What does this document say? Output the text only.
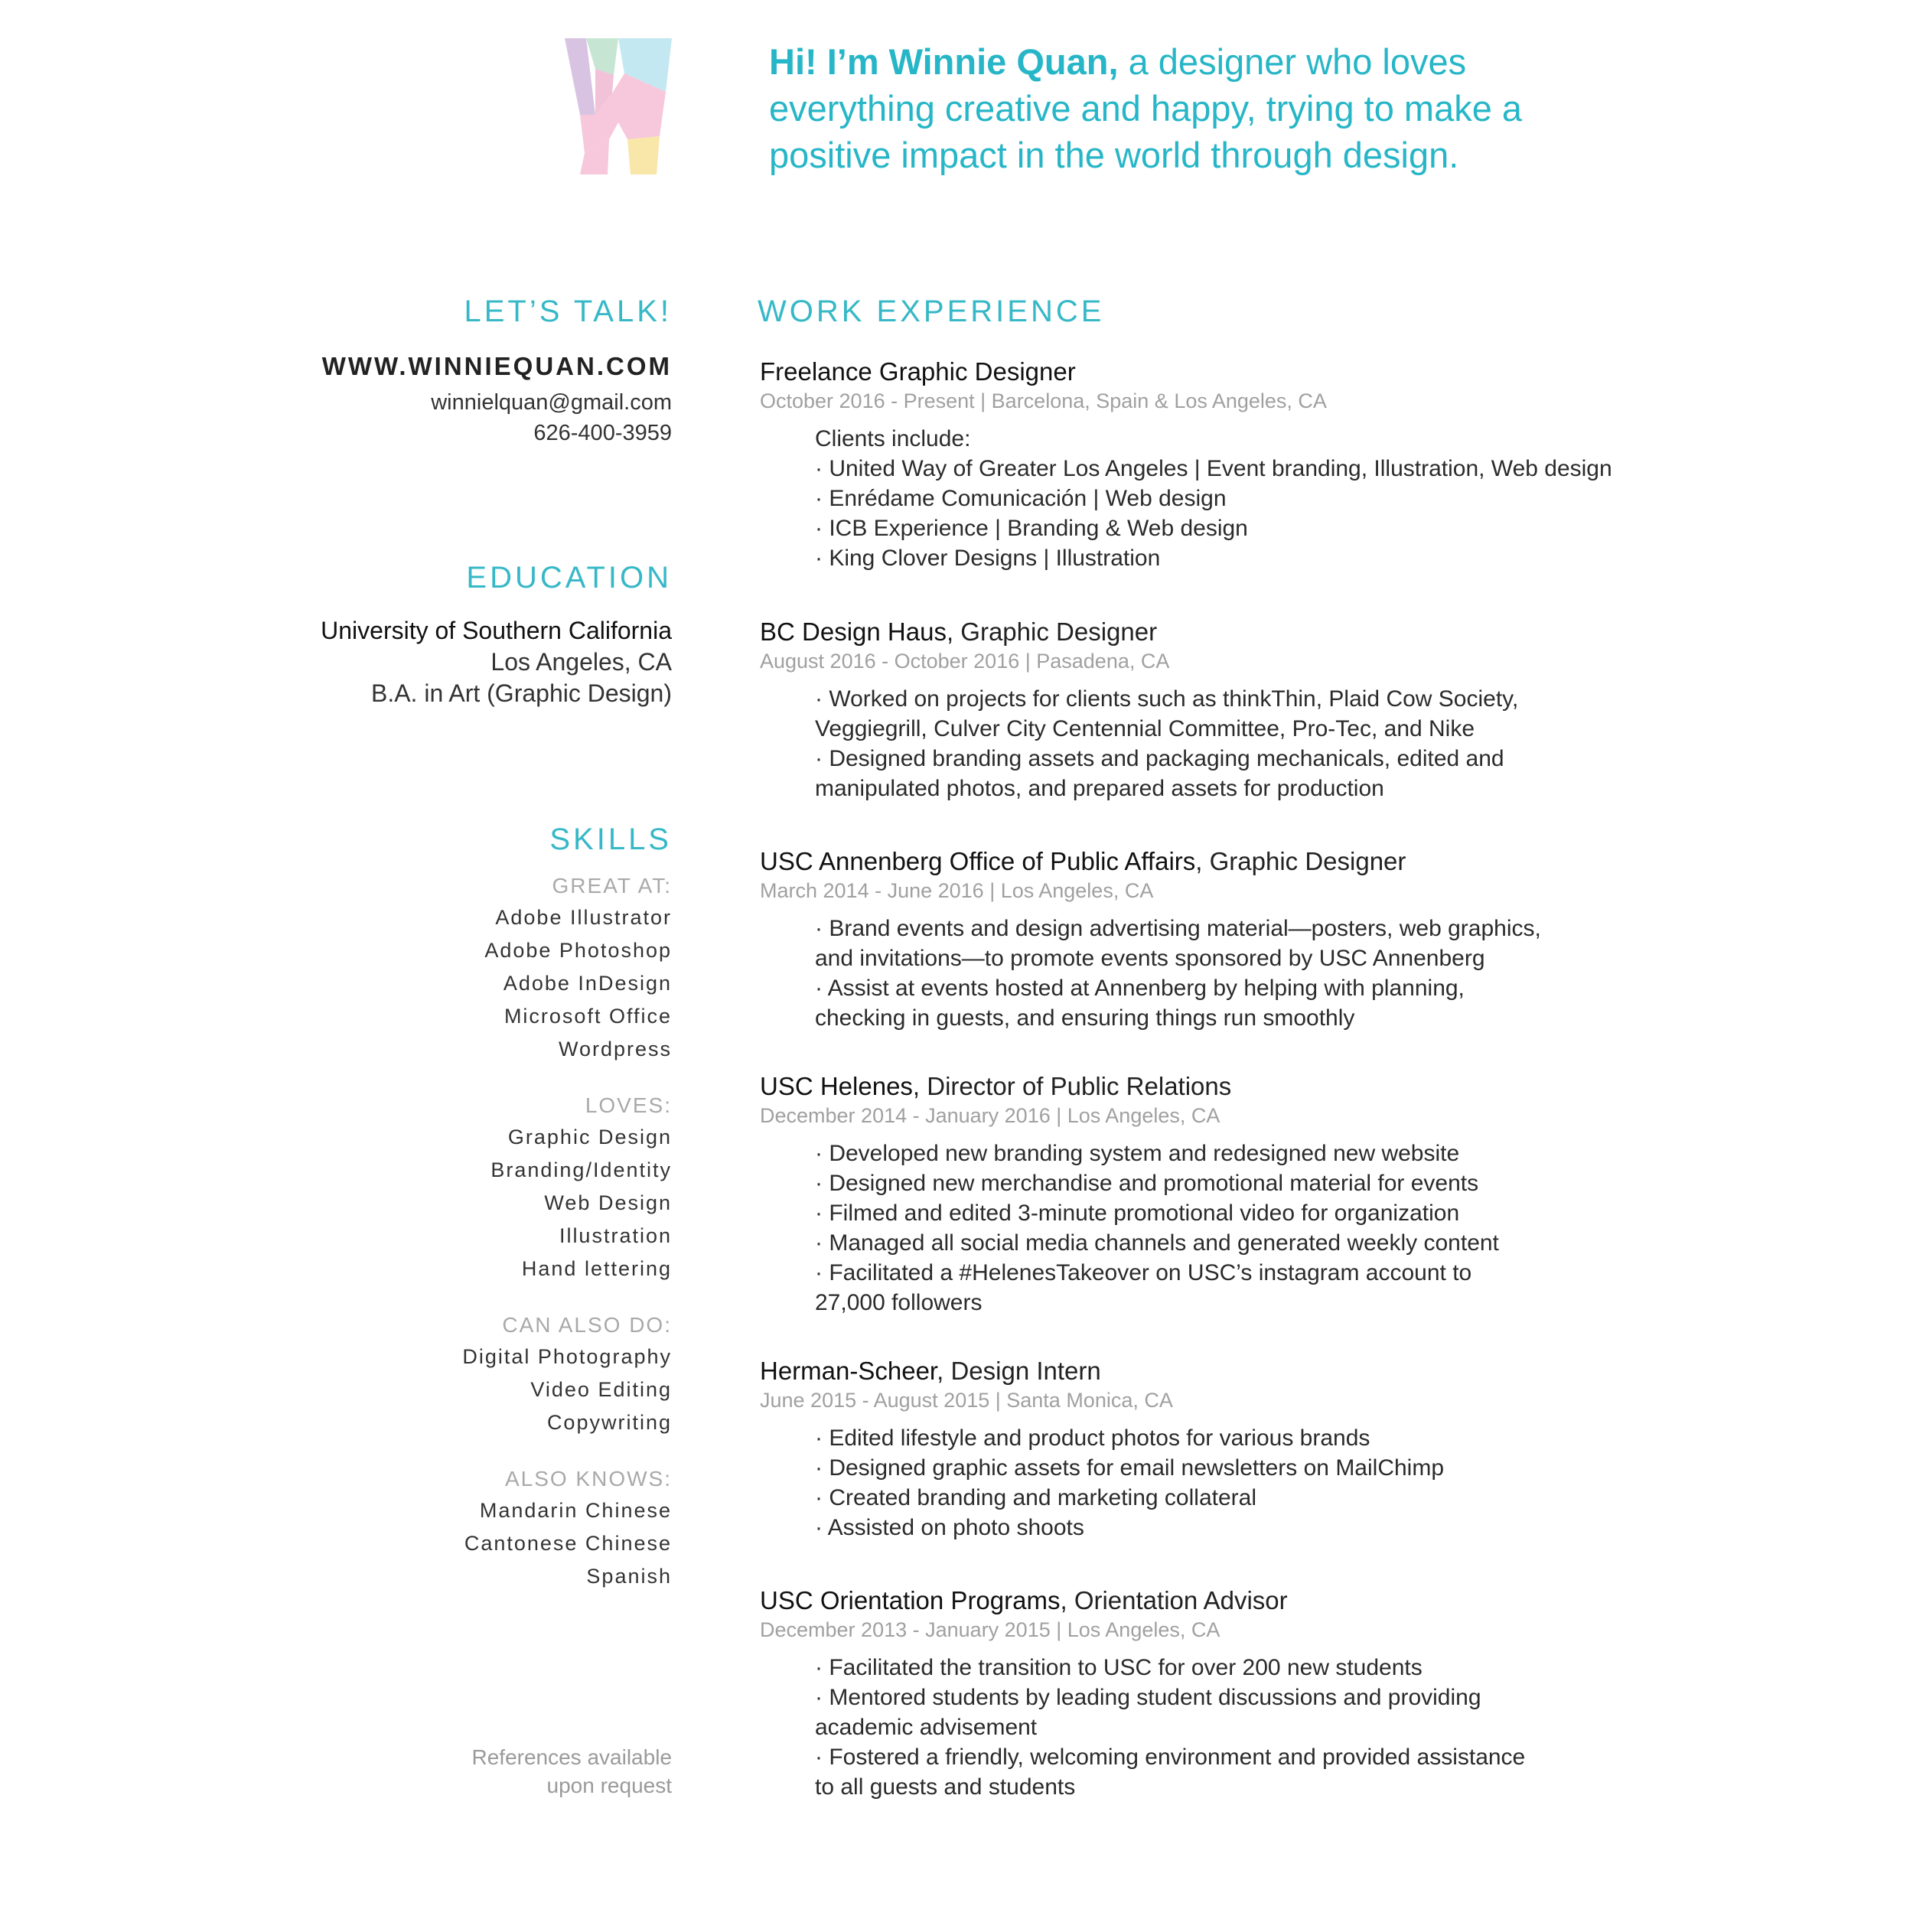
Hi! I’m Winnie Quan, a designer who loves
everything creative and happy, trying to make a
positive impact in the world through design.
LET’S TALK!
WWW.WINNIEQUAN.COM
winnielquan@gmail.com
626-400-3959
EDUCATION
University of Southern California
Los Angeles, CA
B.A. in Art (Graphic Design)
SKILLS
GREAT AT:
Adobe Illustrator
Adobe Photoshop
Adobe InDesign
Microsoft Office
Wordpress
LOVES:
Graphic Design
Branding/Identity
Web Design
Illustration
Hand lettering
CAN ALSO DO:
Digital Photography
Video Editing
Copywriting
ALSO KNOWS:
Mandarin Chinese
Cantonese Chinese
Spanish
References available
upon request
WORK EXPERIENCE
Freelance Graphic Designer
October 2016 - Present | Barcelona, Spain & Los Angeles, CA
Clients include:
· United Way of Greater Los Angeles | Event branding, Illustration, Web design
· Enrédame Comunicación | Web design
· ICB Experience | Branding & Web design
· King Clover Designs | Illustration
BC Design Haus, Graphic Designer
August 2016 - October 2016 | Pasadena, CA
· Worked on projects for clients such as thinkThin, Plaid Cow Society,
Veggiegrill, Culver City Centennial Committee, Pro-Tec, and Nike
· Designed branding assets and packaging mechanicals, edited and
manipulated photos, and prepared assets for production
USC Annenberg Office of Public Affairs, Graphic Designer
March 2014 - June 2016 | Los Angeles, CA
· Brand events and design advertising material—posters, web graphics,
and invitations—to promote events sponsored by USC Annenberg
· Assist at events hosted at Annenberg by helping with planning,
checking in guests, and ensuring things run smoothly
USC Helenes, Director of Public Relations
December 2014 - January 2016 | Los Angeles, CA
· Developed new branding system and redesigned new website
· Designed new merchandise and promotional material for events
· Filmed and edited 3-minute promotional video for organization
· Managed all social media channels and generated weekly content
· Facilitated a #HelenesTakeover on USC’s instagram account to
27,000 followers
Herman-Scheer, Design Intern
June 2015 - August 2015 | Santa Monica, CA
· Edited lifestyle and product photos for various brands
· Designed graphic assets for email newsletters on MailChimp
· Created branding and marketing collateral
· Assisted on photo shoots
USC Orientation Programs, Orientation Advisor
December 2013 - January 2015 | Los Angeles, CA
· Facilitated the transition to USC for over 200 new students
· Mentored students by leading student discussions and providing
academic advisement
· Fostered a friendly, welcoming environment and provided assistance
to all guests and students
